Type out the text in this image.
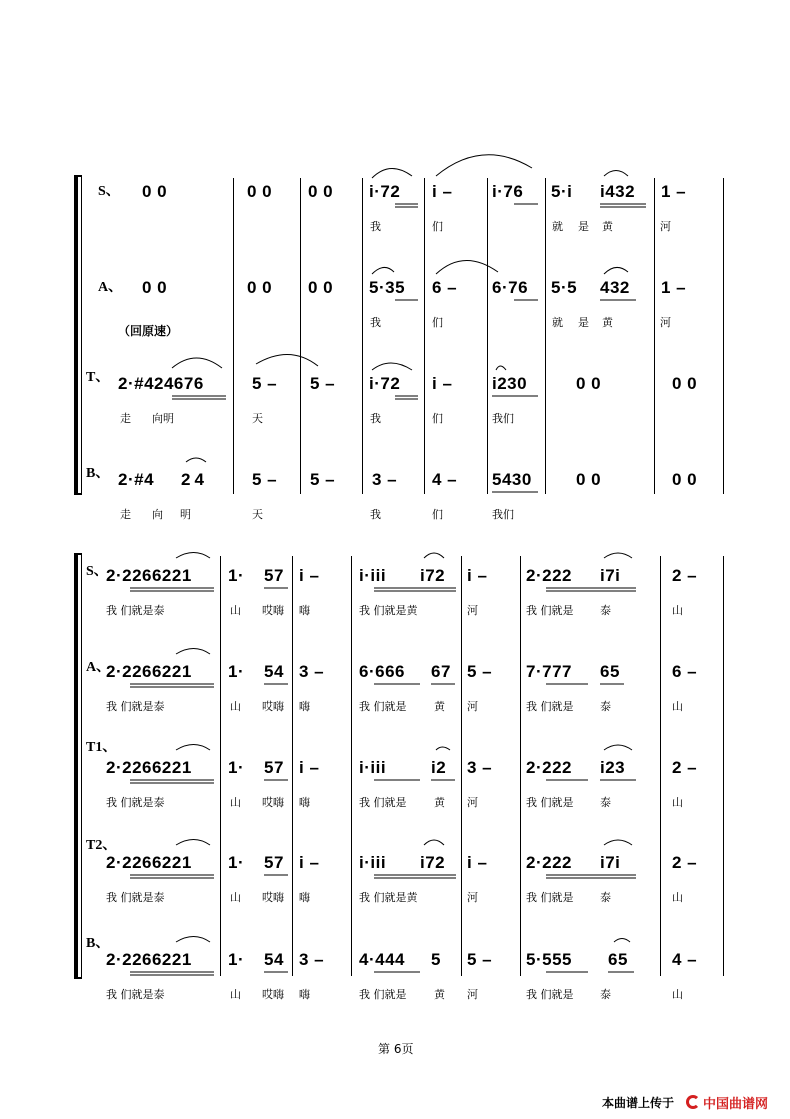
S、 0 0	0 0 0 0 i·72 i – i·76 5·i i432 1 –
我	们	就 是 黄	河
A、 0 0	0 0 0 0 5·35 6 – 6·76 5·5 432 1 –
我	们	就 是 黄	河
（回原速）
T、 2·#424676	5 – 5 – i·72 i – i230	0 0	0 0
走 向明	天	我	们	我们
B、 2·#4 24	5 – 5 – 3 – 4 – 5430	0 0	0 0
走 向 明	天	我	们	我们
S、
2·2266221 1· 57 i – i·iii i72 i – 2·222 i7i	2 –
我 们就是泰	山 哎嗨 嗨	我 们就是黄	河	我 们就是 泰	山
A、
2·2266221 1· 54 3 – 6·666 67 5 – 7·777 65	6 –
我 们就是泰	山 哎嗨 嗨	我 们就是	黄 河	我 们就是 泰	山
T1、
2·2266221 1· 57 i – i·iii	i2 3 – 2·222 i23	2 –
我 们就是泰	山 哎嗨 嗨	我 们就是	黄 河	我 们就是 泰	山
T2、
2·2266221 1· 57 i – i·iii i72 i – 2·222 i7i	2 –
我 们就是泰	山 哎嗨 嗨	我 们就是黄	河	我 们就是 泰	山
B、
2·2266221 1· 54 3 – 4·444 5 5 – 5·555 65	4 –
我 们就是泰	山 哎嗨 嗨	我 们就是	黄 河	我 们就是 泰	山
第 6页
本曲谱上传于 中国曲谱网
